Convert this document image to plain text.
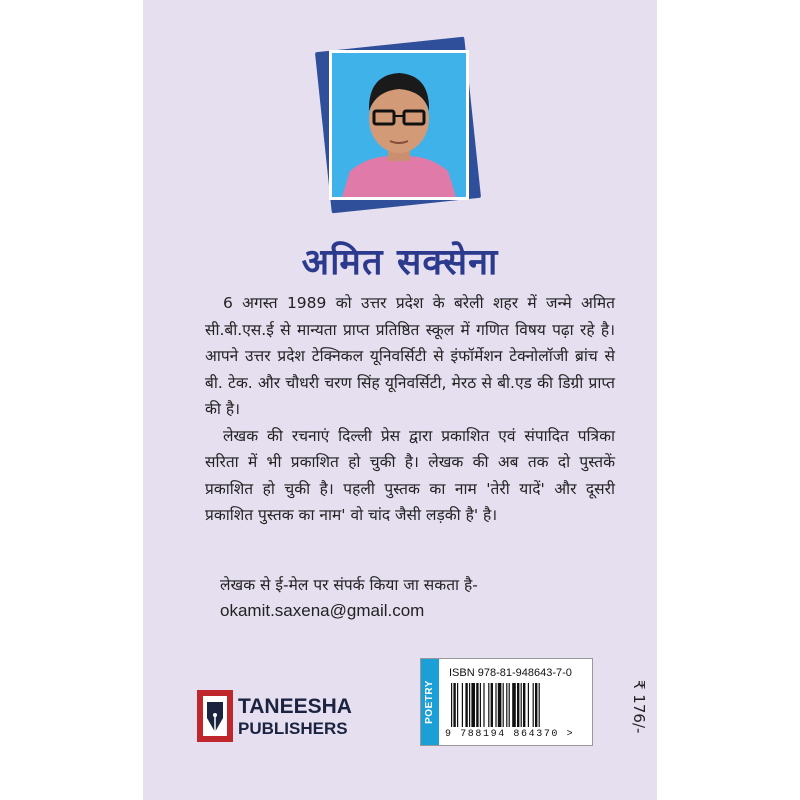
अमित सक्सेना

6 अगस्त 1989 को उत्तर प्रदेश के बरेली शहर में जन्मे अमित सी.बी.एस.ई से मान्यता प्राप्त प्रतिष्ठित स्कूल में गणित विषय पढ़ा रहे है। आपने उत्तर प्रदेश टेक्निकल यूनिवर्सिटी से इंफॉर्मेशन टेक्नोलॉजी ब्रांच से बी. टेक. और चौधरी चरण सिंह यूनिवर्सिटी, मेरठ से बी.एड की डिग्री प्राप्त की है।

लेखक की रचनाएं दिल्ली प्रेस द्वारा प्रकाशित एवं संपादित पत्रिका सरिता में भी प्रकाशित हो चुकी है। लेखक की अब तक दो पुस्तकें प्रकाशित हो चुकी है। पहली पुस्तक का नाम 'तेरी यादें' और दूसरी प्रकाशित पुस्तक का नाम' वो चांद जैसी लड़की है' है।

लेखक से ई-मेल पर संपर्क किया जा सकता है-
okamit.saxena@gmail.com
TANEESHA
PUBLISHERS
POETRY
ISBN 978-81-948643-7-0
9 788194 864370 >
₹ 176/-
